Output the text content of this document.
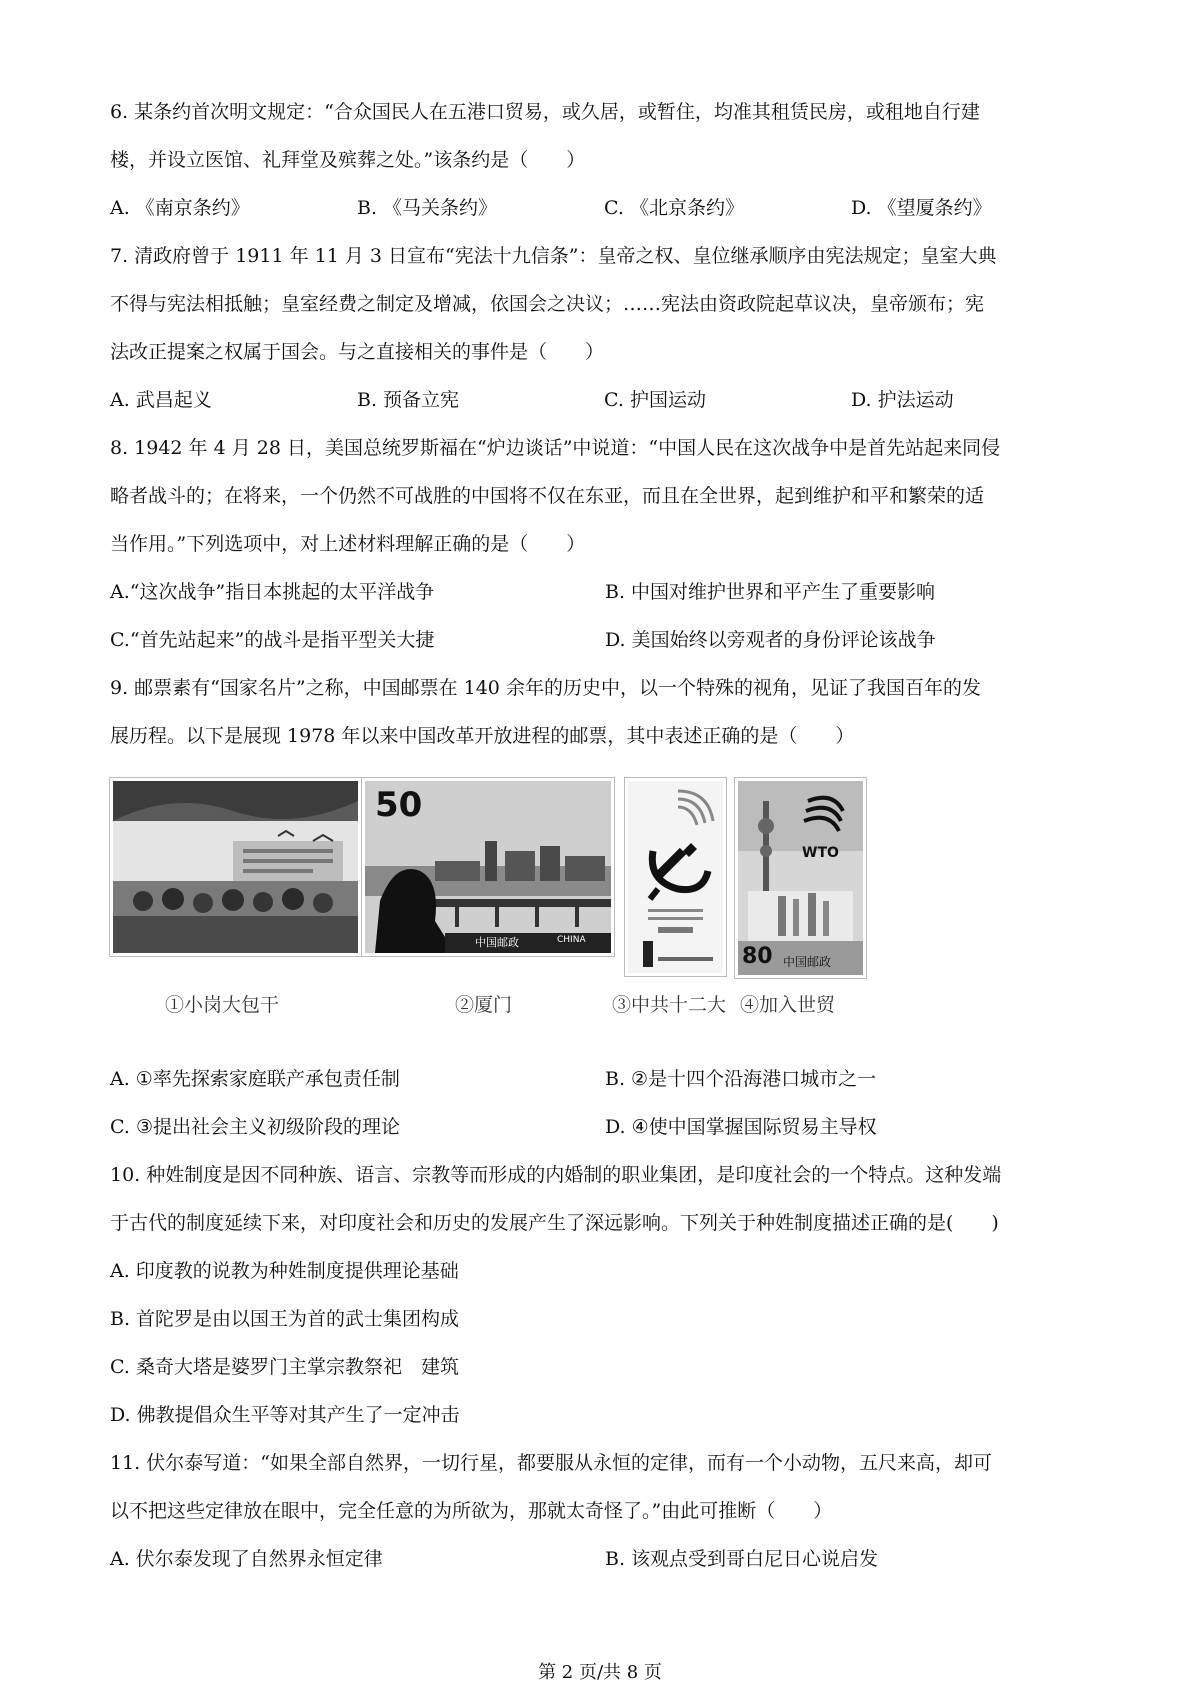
6. 某条约首次明文规定：“合众国民人在五港口贸易，或久居，或暂住，均准其租赁民房，或租地自行建
楼，并设立医馆、礼拜堂及殡葬之处。”该条约是（　　）
A. 《南京条约》	B. 《马关条约》	C. 《北京条约》	D. 《望厦条约》
7. 清政府曾于 1911 年 11 月 3 日宣布“宪法十九信条”：皇帝之权、皇位继承顺序由宪法规定；皇室大典
不得与宪法相抵触；皇室经费之制定及增减，依国会之决议；……宪法由资政院起草议决，皇帝颁布；宪
法改正提案之权属于国会。与之直接相关的事件是（　　）
A. 武昌起义	B. 预备立宪	C. 护国运动	D. 护法运动
8. 1942 年 4 月 28 日，美国总统罗斯福在“炉边谈话”中说道：“中国人民在这次战争中是首先站起来同侵
略者战斗的；在将来，一个仍然不可战胜的中国将不仅在东亚，而且在全世界，起到维护和平和繁荣的适
当作用。”下列选项中，对上述材料理解正确的是（　　）
A.“这次战争”指日本挑起的太平洋战争	B. 中国对维护世界和平产生了重要影响
C.“首先站起来”的战斗是指平型关大捷	D. 美国始终以旁观者的身份评论该战争
9. 邮票素有“国家名片”之称，中国邮票在 140 余年的历史中，以一个特殊的视角，见证了我国百年的发
展历程。以下是展现 1978 年以来中国改革开放进程的邮票，其中表述正确的是（　　）
①小岗大包干
50
中国邮政	CHINA
②厦门	③中共十二大
WTO
80 中国邮政
④加入世贸
A. ①率先探索家庭联产承包责任制	B. ②是十四个沿海港口城市之一
C. ③提出社会主义初级阶段的理论	D. ④使中国掌握国际贸易主导权
10. 种姓制度是因不同种族、语言、宗教等而形成的内婚制的职业集团，是印度社会的一个特点。这种发端
于古代的制度延续下来，对印度社会和历史的发展产生了深远影响。下列关于种姓制度描述正确的是(　　)
A. 印度教的说教为种姓制度提供理论基础
B. 首陀罗是由以国王为首的武士集团构成
C. 桑奇大塔是婆罗门主掌宗教祭祀　建筑
D. 佛教提倡众生平等对其产生了一定冲击
11. 伏尔泰写道：“如果全部自然界，一切行星，都要服从永恒的定律，而有一个小动物，五尺来高，却可
以不把这些定律放在眼中，完全任意的为所欲为，那就太奇怪了。”由此可推断（　　）
A. 伏尔泰发现了自然界永恒定律	B. 该观点受到哥白尼日心说启发
第 2 页/共 8 页
